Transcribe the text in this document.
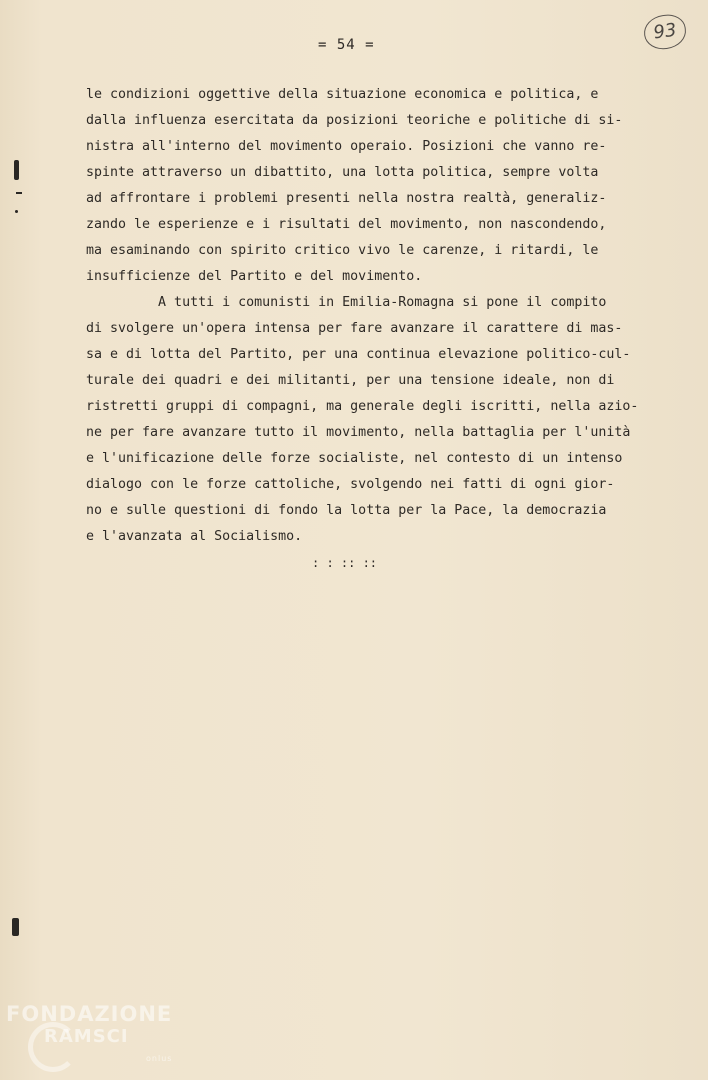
= 54 =
93
le condizioni oggettive della situazione economica e politica, e
dalla influenza esercitata da posizioni teoriche e politiche di si-
nistra all'interno del movimento operaio. Posizioni che vanno re-
spinte attraverso un dibattito, una lotta politica, sempre volta
ad affrontare i problemi presenti nella nostra realtà, generaliz-
zando le esperienze e i risultati del movimento, non nascondendo,
ma esaminando con spirito critico vivo le carenze, i ritardi, le
insufficienze del Partito e del movimento.
A tutti i comunisti in Emilia-Romagna si pone il compito
di svolgere un'opera intensa per fare avanzare il carattere di mas-
sa e di lotta del Partito, per una continua elevazione politico-cul-
turale dei quadri e dei militanti, per una tensione ideale, non di
ristretti gruppi di compagni, ma generale degli iscritti, nella azio-
ne per fare avanzare tutto il movimento, nella battaglia per l'unità
e l'unificazione delle forze socialiste, nel contesto di un intenso
dialogo con le forze cattoliche, svolgendo nei fatti di ogni gior-
no e sulle questioni di fondo la lotta per la Pace, la democrazia
e l'avanzata al Socialismo.
: : :: ::
FONDAZIONE
RAMSCI
onlus
